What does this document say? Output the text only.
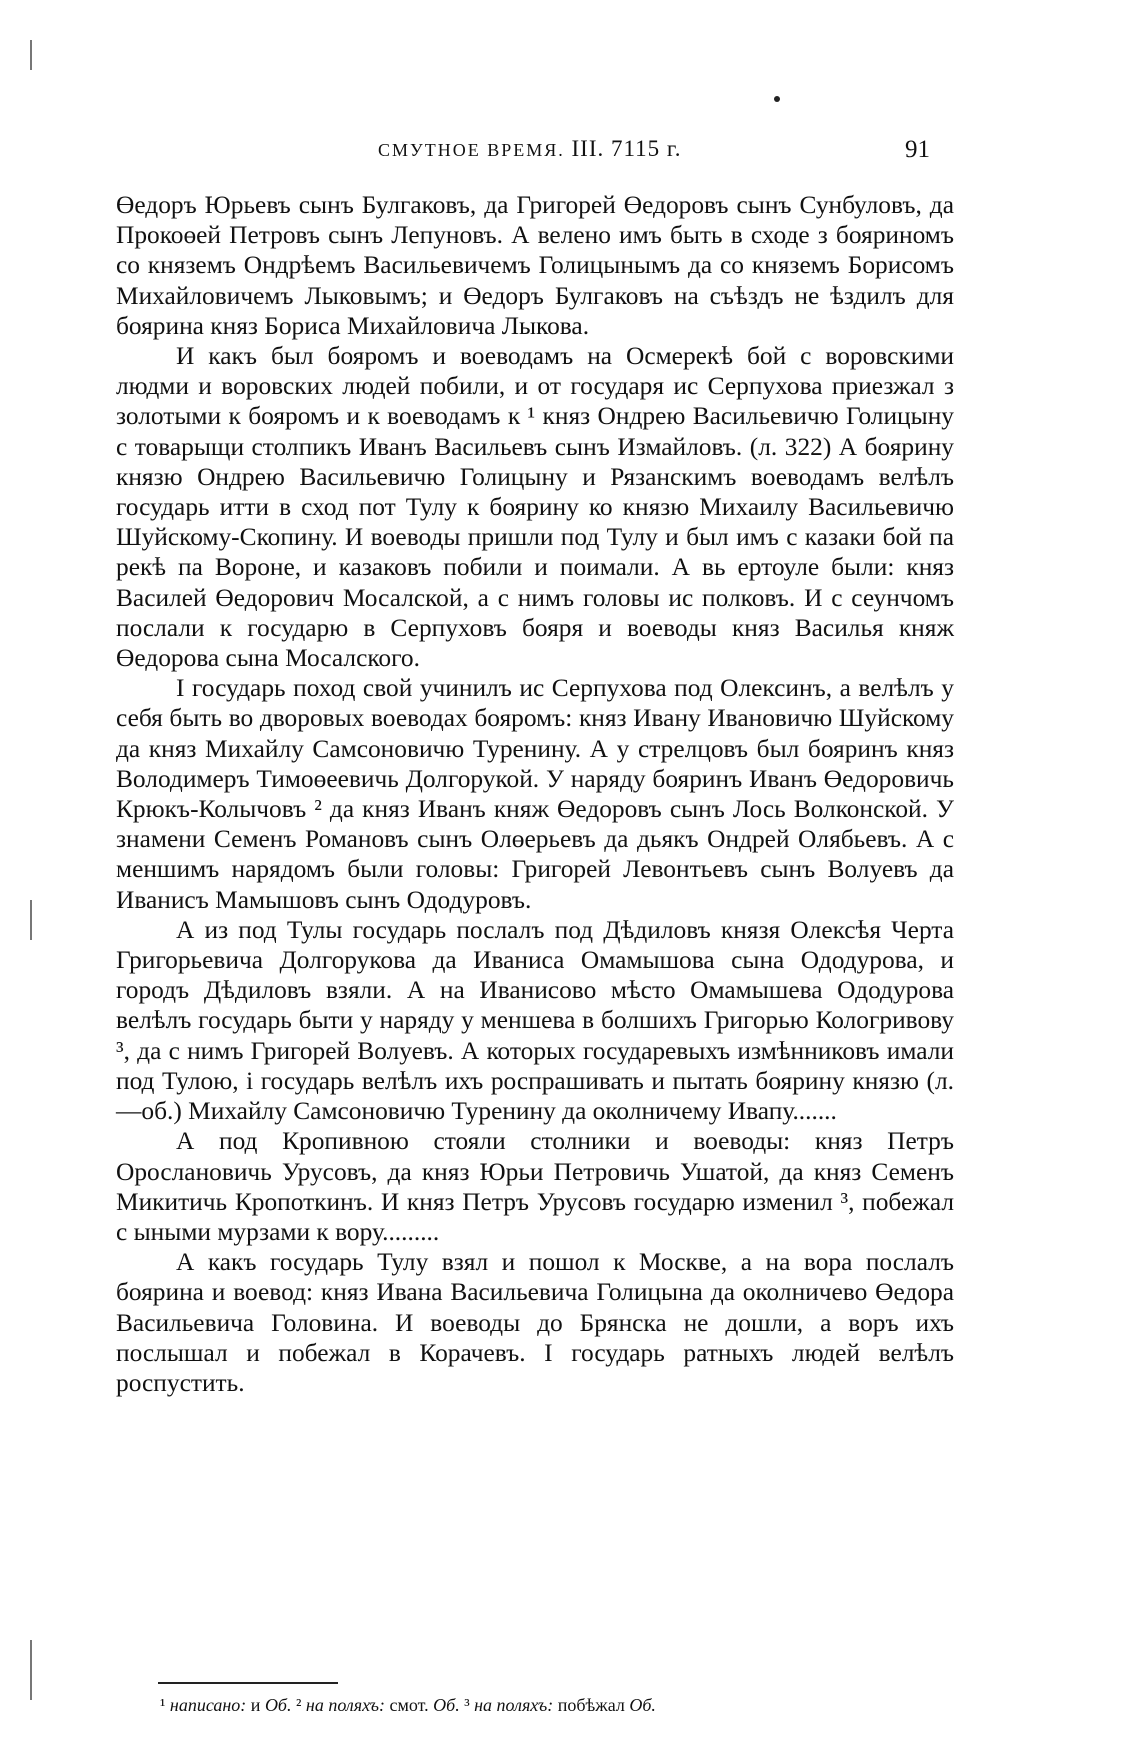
СМУТНОЕ ВРЕМЯ. III. 7115 г.	91

Өедоръ Юрьевъ сынъ Булгаковъ, да Григорей Өедоровъ сынъ Сунбуловъ, да Прокоөей Петровъ сынъ Лепуновъ. А велено имъ быть в сходе з бояриномъ со княземъ Ондрѣемъ Васильевичемъ Голицынымъ да со княземъ Борисомъ Михайловичемъ Лыковымъ; и Өедоръ Булгаковъ на съѣздъ не ѣздилъ для боярина княз Бориса Михайловича Лыкова.

И какъ был бояромъ и воеводамъ на Осмерекѣ бой с воровскими людми и воровских людей побили, и от государя ис Серпухова приезжал з золотыми к бояромъ и к воеводамъ к ¹ княз Ондрею Васильевичю Голицыну с товарыщи столпикъ Иванъ Васильевъ сынъ Измайловъ. (л. 322) А боярину князю Ондрею Васильевичю Голицыну и Рязанскимъ воеводамъ велѣлъ государь итти в сход пот Тулу к боярину ко князю Михаилу Васильевичю Шуйскому-Скопину. И воеводы пришли под Тулу и был имъ с казаки бой па рекѣ па Вороне, и казаковъ побили и поимали. А вь ертоуле были: княз Василей Өедорович Мосалской, а с нимъ головы ис полковъ. И с сеунчомъ послали к государю в Серпуховъ бояря и воеводы княз Василья княж Өедорова сына Мосалского.

І государь поход свой учинилъ ис Серпухова под Олексинъ, а велѣлъ у себя быть во дворовых воеводах бояромъ: княз Ивану Ивановичю Шуйскому да княз Михайлу Самсоновичю Туренину. А у стрелцовъ был бояринъ княз Володимеръ Тимоөеевичь Долгорукой. У наряду бояринъ Иванъ Өедоровичь Крюкъ-Колычовъ ² да княз Иванъ княж Өедоровъ сынъ Лось Волконской. У знамени Семенъ Романовъ сынъ Олөерьевъ да дьякъ Ондрей Олябьевъ. А с меншимъ нарядомъ были головы: Григорей Левонтьевъ сынъ Волуевъ да Иванисъ Мамышовъ сынъ Ододуровъ.

А из под Тулы государь послалъ под Дѣдиловъ князя Олексѣя Черта Григорьевича Долгорукова да Иваниса Омамышова сына Ододурова, и городъ Дѣдиловъ взяли. А на Иванисово мѣсто Омамышева Ододурова велѣлъ государь быти у наряду у меншева в болшихъ Григорью Кологривову ³, да с нимъ Григорей Волуевъ. А которых государевыхъ измѣнниковъ имали под Тулою, і государь велѣлъ ихъ роспрашивать и пытать боярину князю (л.—об.) Михайлу Самсоновичю Туренину да околничему Ивапу.......

А под Кропивною стояли столники и воеводы: княз Петръ Орослановичь Урусовъ, да княз Юрьи Петровичь Ушатой, да княз Семенъ Микитичь Кропоткинъ. И княз Петръ Урусовъ государю изменил ³, побежал с ыными мурзами к вору.........

А какъ государь Тулу взял и пошол к Москве, а на вора послалъ боярина и воевод: княз Ивана Васильевича Голицына да околничево Өедора Васильевича Головина. И воеводы до Брянска не дошли, а воръ ихъ послышал и побежал в Корачевъ. І государь ратныхъ людей велѣлъ роспустить.

¹ написано: и Об. ² на поляхъ: смот. Об. ³ на поляхъ: побѣжал Об.
